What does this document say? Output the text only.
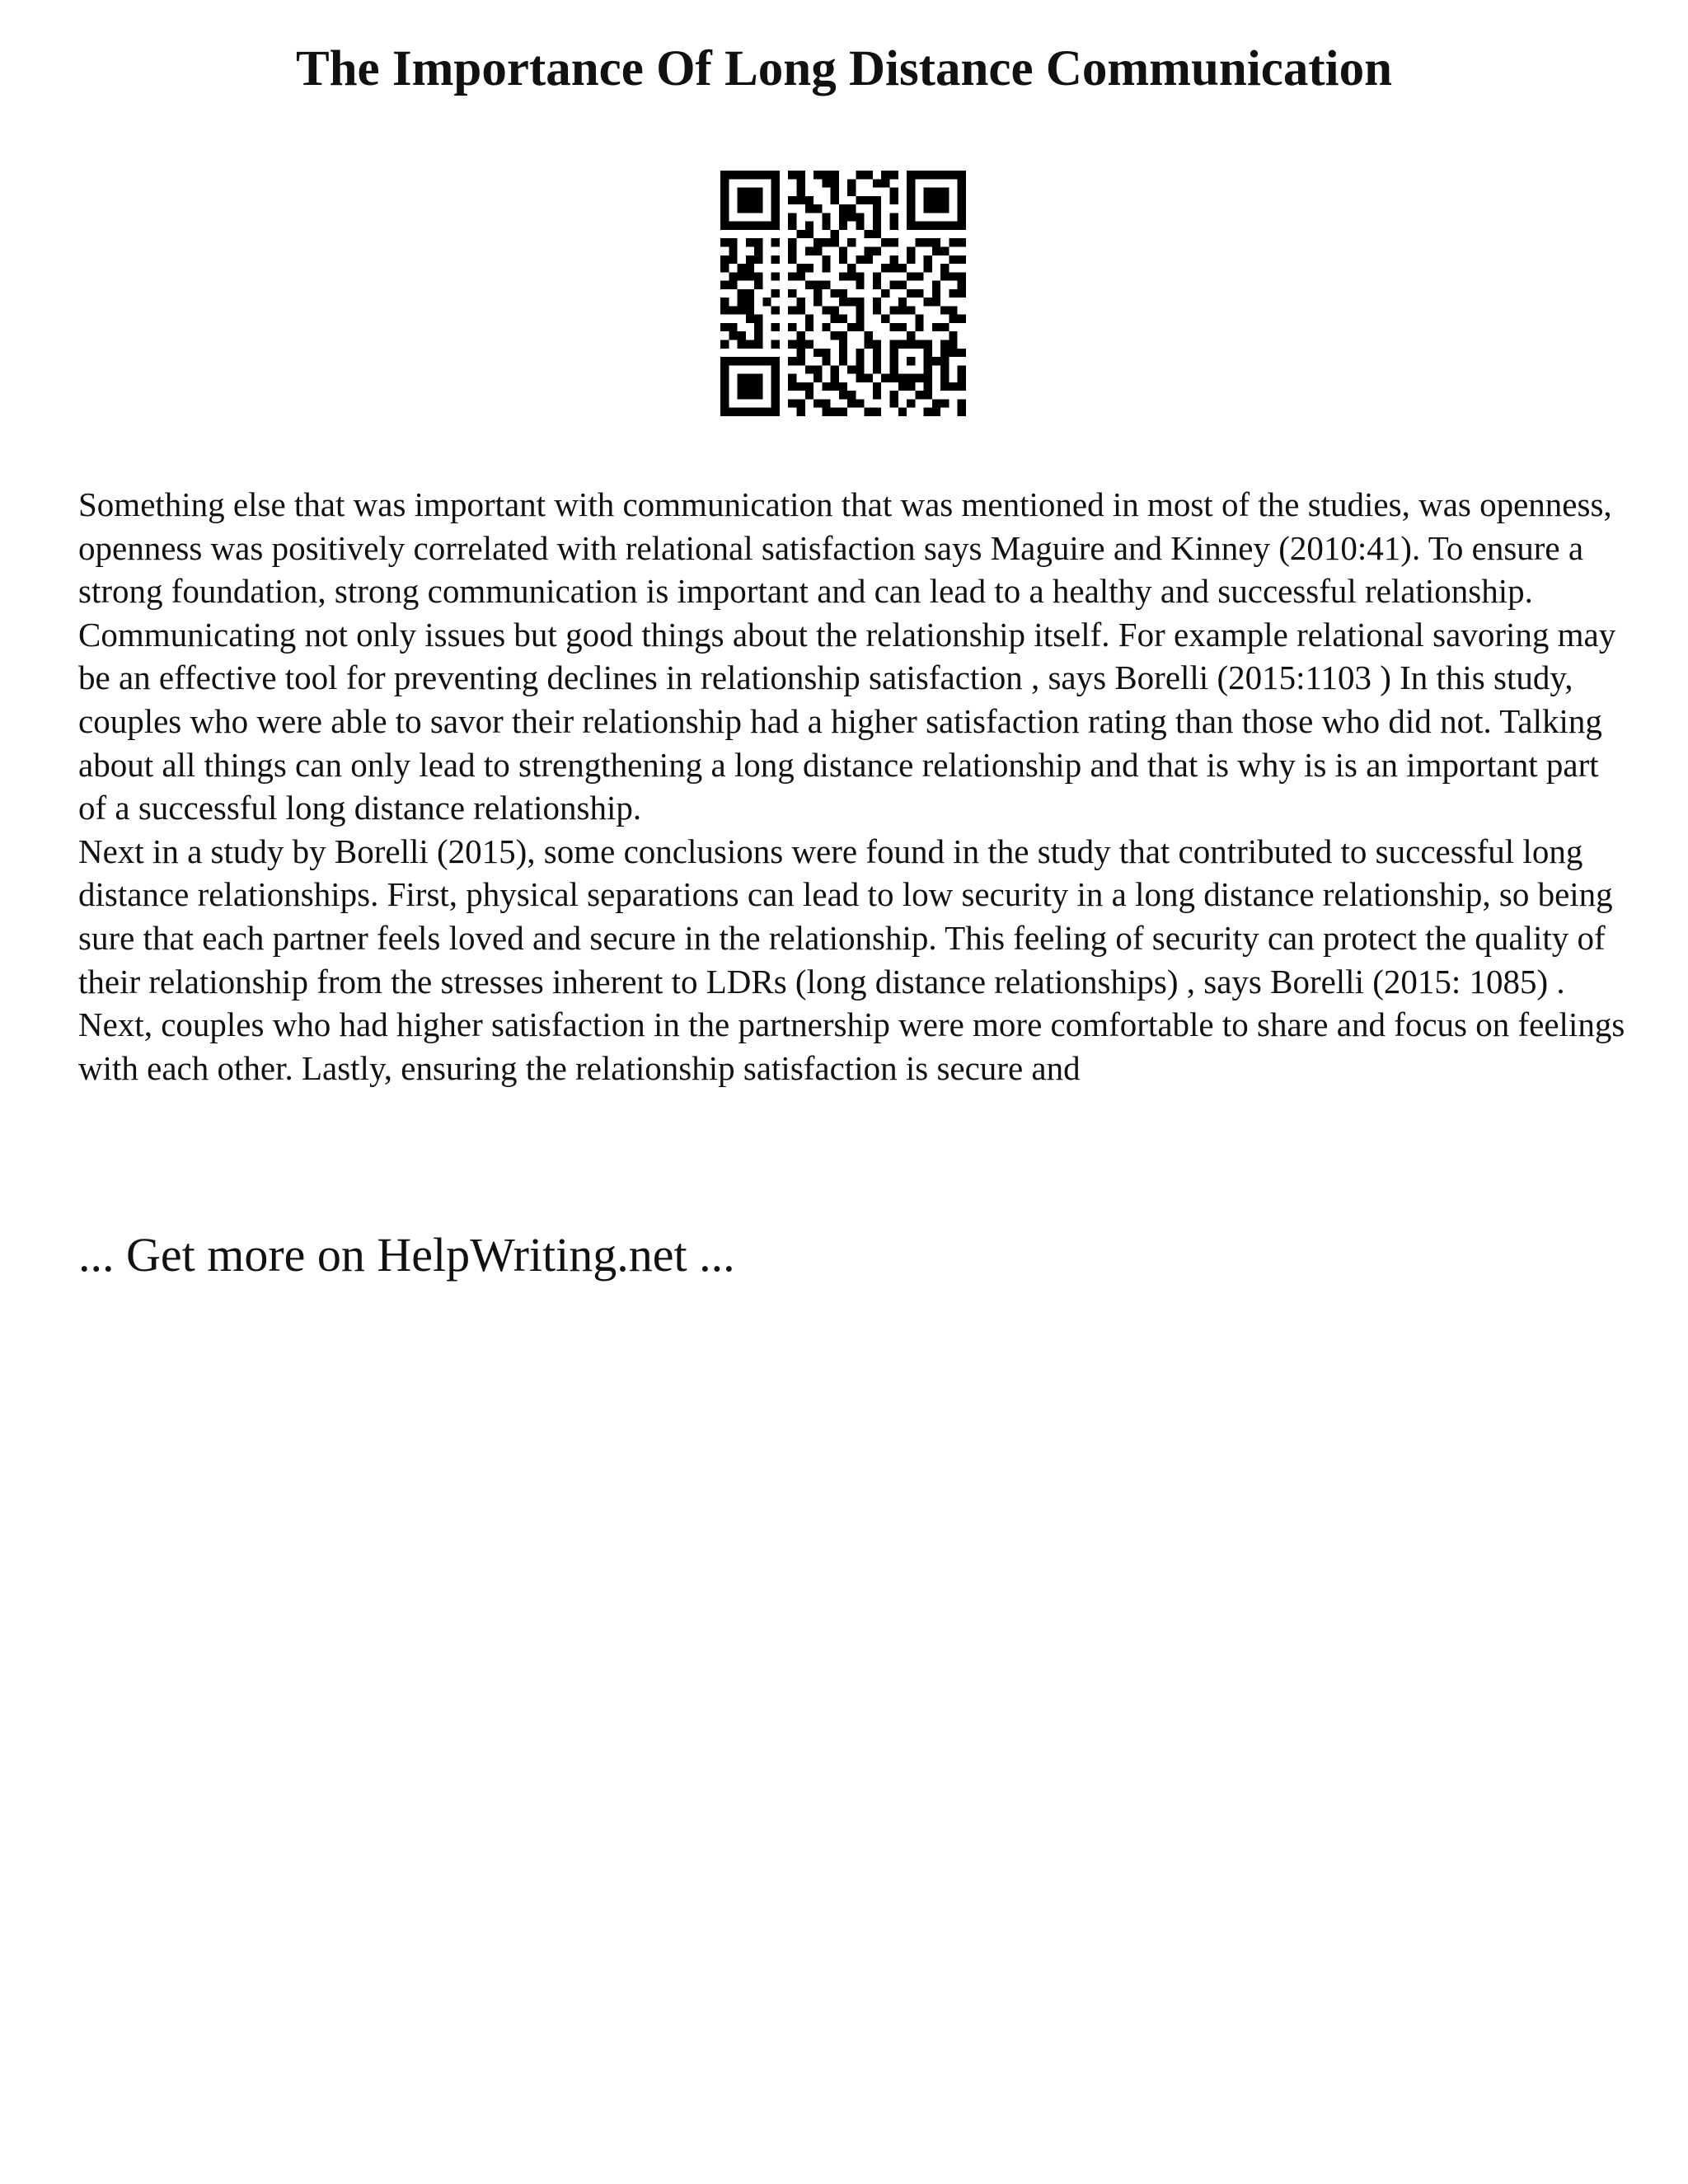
The Importance Of Long Distance Communication

Something else that was important with communication that was mentioned in most of the studies, was openness, openness was positively correlated with relational satisfaction says Maguire and Kinney (2010:41). To ensure a strong foundation, strong communication is important and can lead to a healthy and successful relationship. Communicating not only issues but good things about the relationship itself. For example relational savoring may be an effective tool for preventing declines in relationship satisfaction , says Borelli (2015:1103 ) In this study, couples who were able to savor their relationship had a higher satisfaction rating than those who did not. Talking about all things can only lead to strengthening a long distance relationship and that is why is is an important part of a successful long distance relationship.

Next in a study by Borelli (2015), some conclusions were found in the study that contributed to successful long distance relationships. First, physical separations can lead to low security in a long distance relationship, so being sure that each partner feels loved and secure in the relationship. This feeling of security can protect the quality of their relationship from the stresses inherent to LDRs (long distance relationships) , says Borelli (2015: 1085) . Next, couples who had higher satisfaction in the partnership were more comfortable to share and focus on feelings with each other. Lastly, ensuring the relationship satisfaction is secure and

... Get more on HelpWriting.net ...
